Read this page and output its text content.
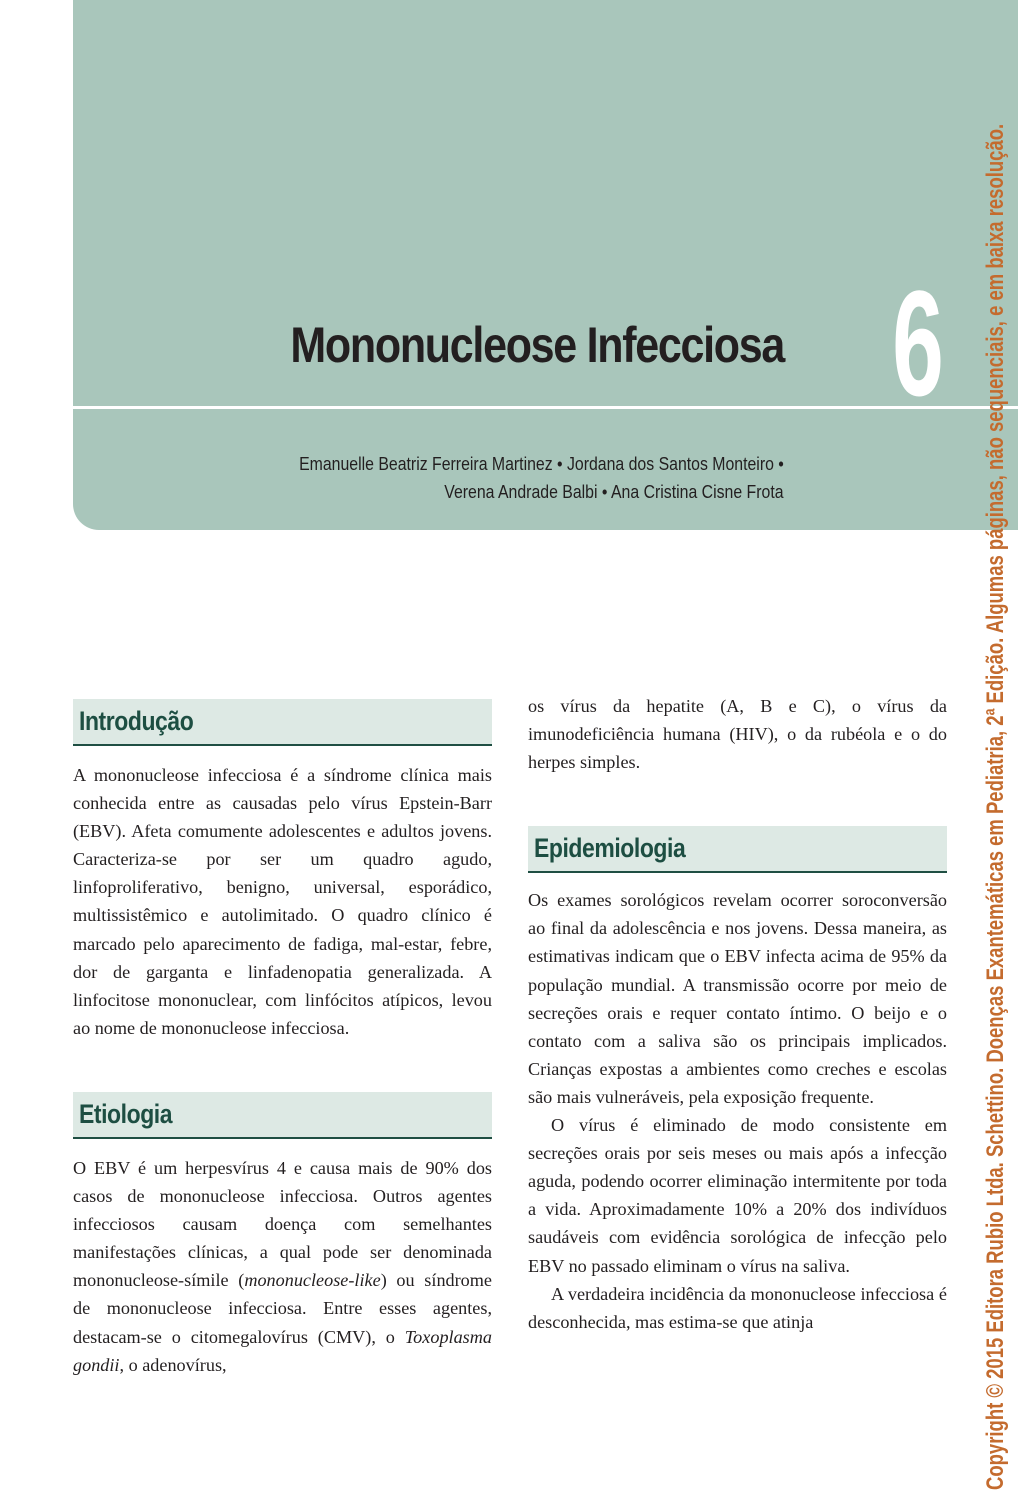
Mononucleose Infecciosa 6
Emanuelle Beatriz Ferreira Martinez • Jordana dos Santos Monteiro •
Verena Andrade Balbi • Ana Cristina Cisne Frota
Introdução

A mononucleose infecciosa é a síndrome clínica mais conhecida entre as causadas pelo vírus Epstein-Barr (EBV). Afeta comumente adolescentes e adultos jovens. Caracteriza-se por ser um quadro agudo, linfoproliferativo, benigno, universal, esporádico, multissistêmico e autolimitado. O quadro clínico é marcado pelo aparecimento de fadiga, mal-estar, febre, dor de garganta e linfadenopatia generalizada. A linfocitose mononuclear, com linfócitos atípicos, levou ao nome de mononucleose infecciosa.

Etiologia

O EBV é um herpesvírus 4 e causa mais de 90% dos casos de mononucleose infecciosa. Outros agentes infecciosos causam doença com semelhantes manifestações clínicas, a qual pode ser denominada mononucleose-símile (mononucleose-like) ou síndrome de mononucleose infecciosa. Entre esses agentes, destacam-se o citomegalovírus (CMV), o Toxoplasma gondii, o adenovírus,

os vírus da hepatite (A, B e C), o vírus da imunodeficiência humana (HIV), o da rubéola e o do herpes simples.

Epidemiologia

Os exames sorológicos revelam ocorrer soroconversão ao final da adolescência e nos jovens. Dessa maneira, as estimativas indicam que o EBV infecta acima de 95% da população mundial. A transmissão ocorre por meio de secreções orais e requer contato íntimo. O beijo e o contato com a saliva são os principais implicados. Crianças expostas a ambientes como creches e escolas são mais vulneráveis, pela exposição frequente.

O vírus é eliminado de modo consistente em secreções orais por seis meses ou mais após a infecção aguda, podendo ocorrer eliminação intermitente por toda a vida. Aproximadamente 10% a 20% dos indivíduos saudáveis com evidência sorológica de infecção pelo EBV no passado eliminam o vírus na saliva.

A verdadeira incidência da mononucleose infecciosa é desconhecida, mas estima-se que atinja	Copyright © 2015 Editora Rubio Ltda. Schettino. Doenças Exantemáticas em Pediatria, 2ª Edição. Algumas páginas, não sequenciais, e em baixa resolução.
